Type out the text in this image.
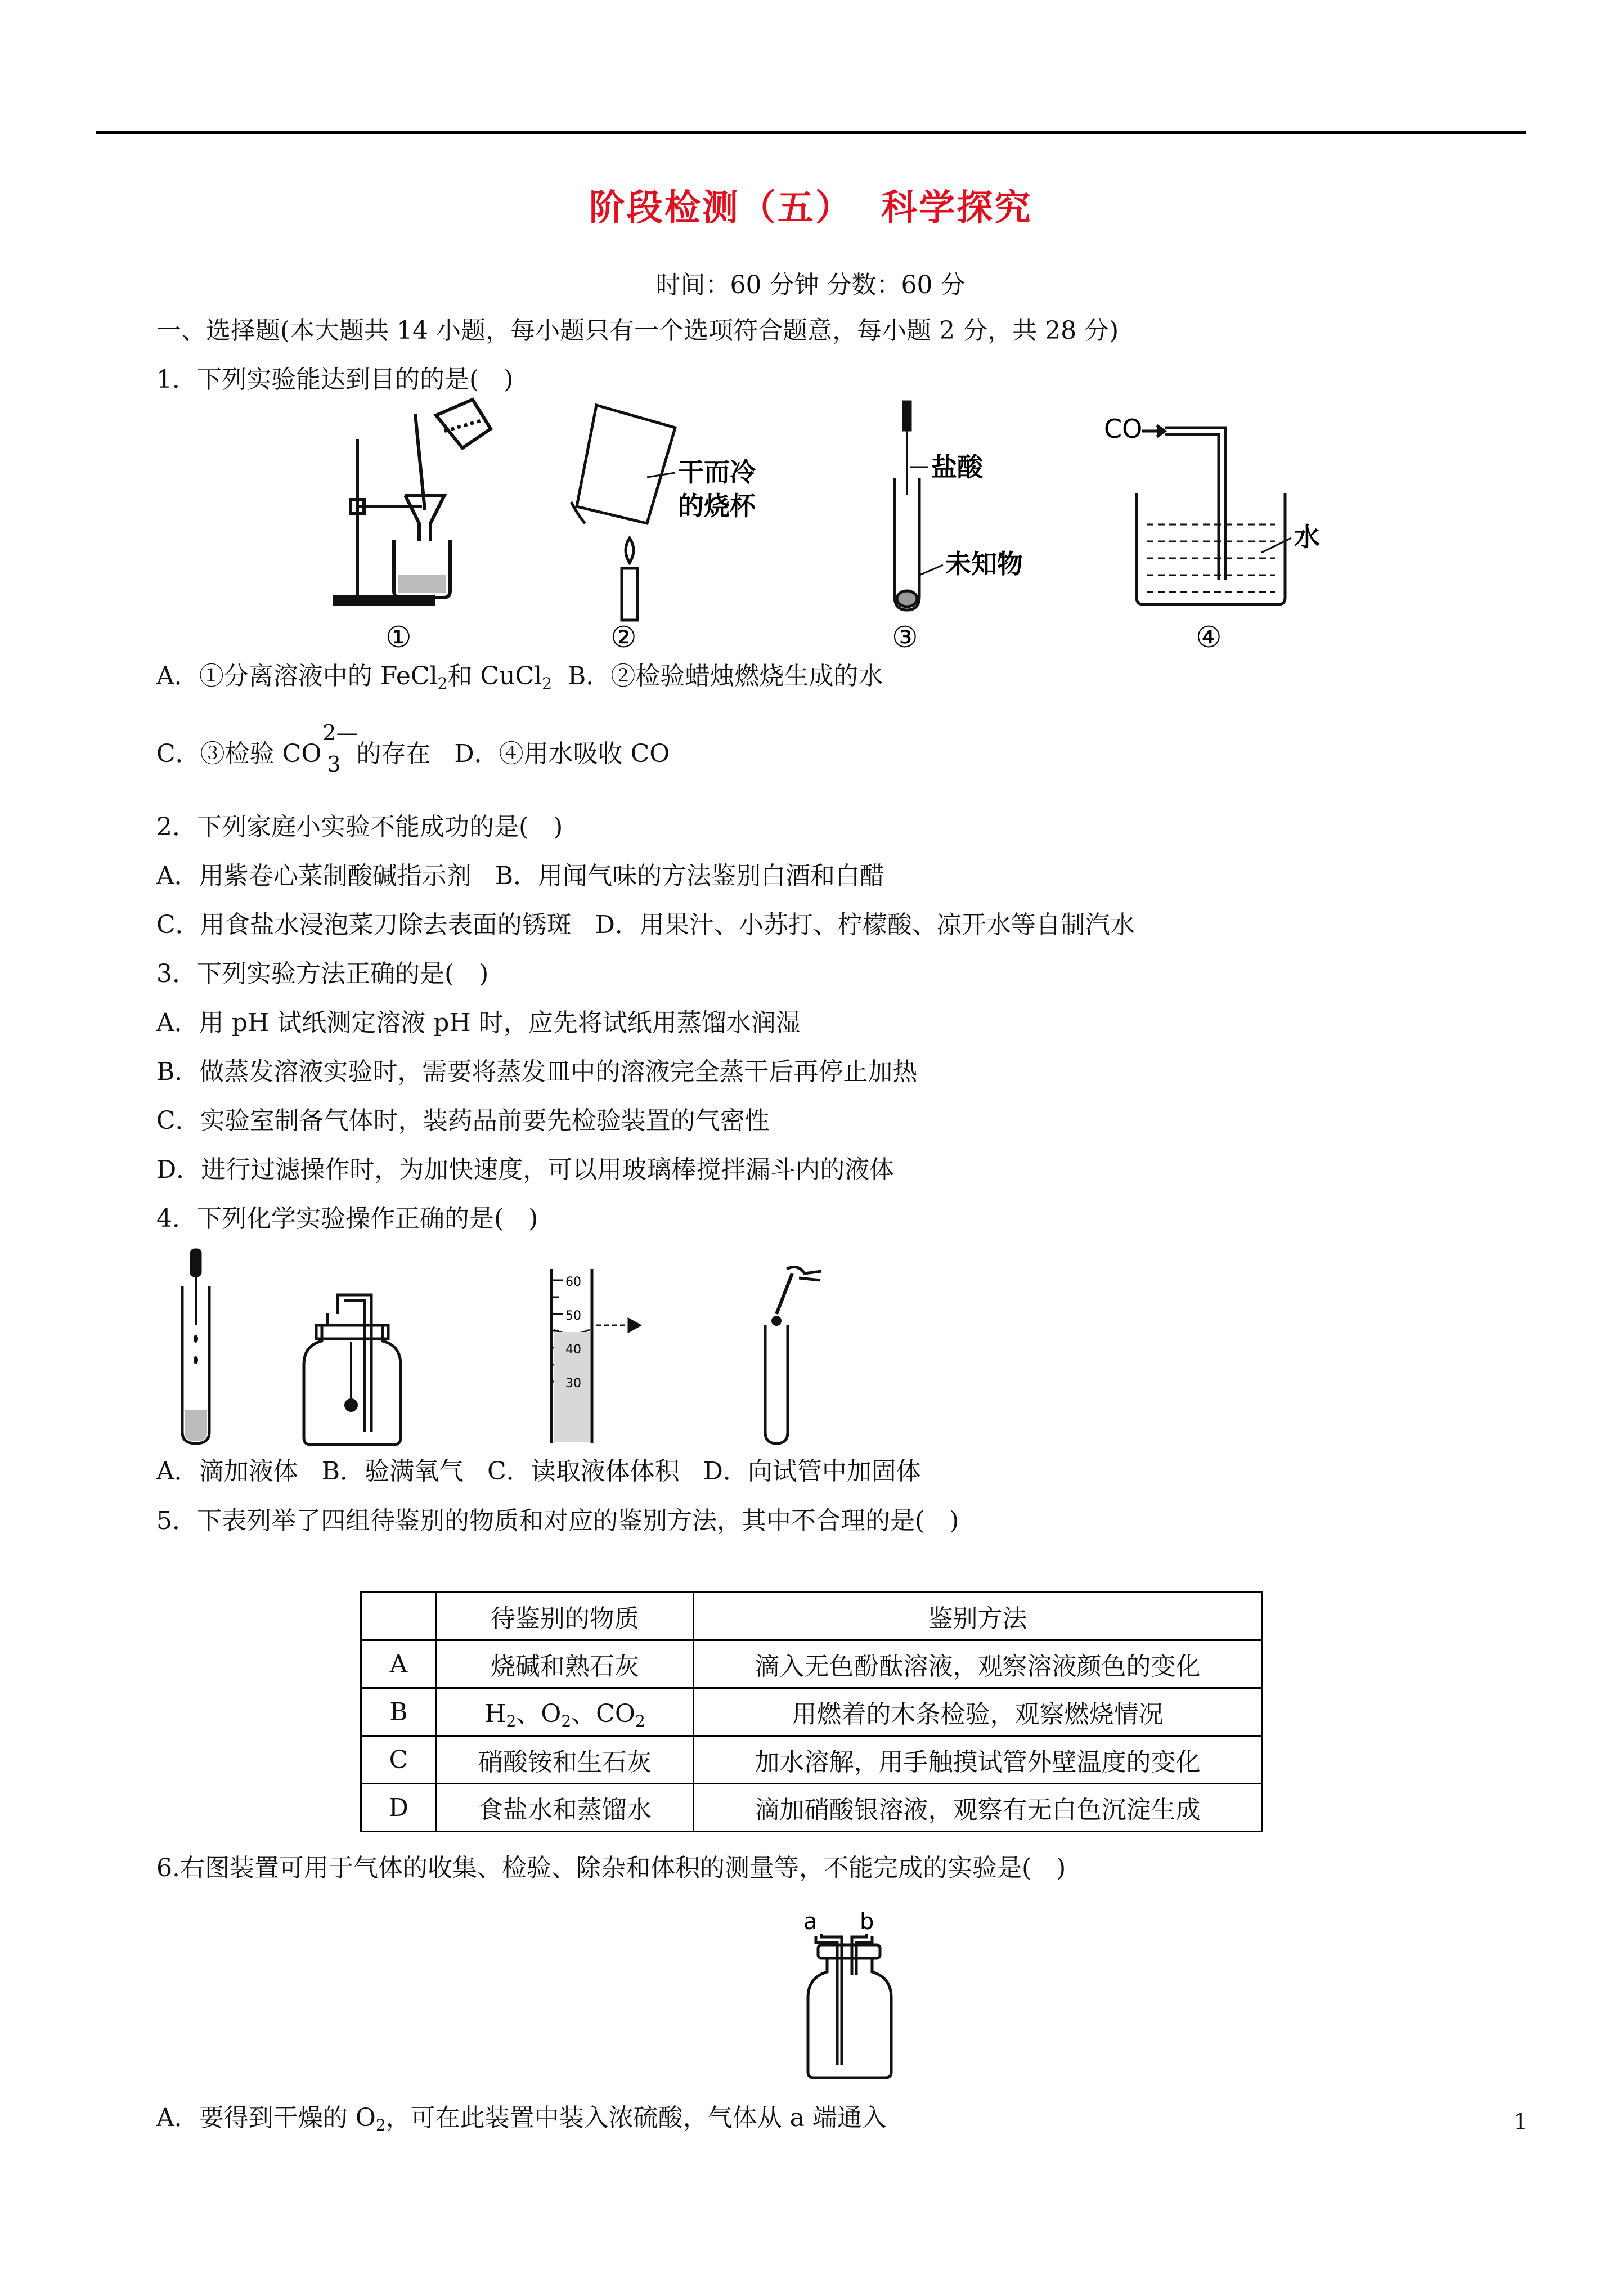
阶段检测（五）  科学探究
时间：60 分钟 分数：60 分
一、选择题(本大题共 14 小题，每小题只有一个选项符合题意，每小题 2 分，共 28 分)
1．下列实验能达到目的的是(　)
①
干而冷
的烧杯
②
盐酸
未知物
③
CO
水
④
A．①分离溶液中的 FeCl$_2$和 CuCl$_2$  B．②检验蜡烛燃烧生成的水
C．③检验 CO
2—
3 的存在   D．④用水吸收 CO
2．下列家庭小实验不能成功的是(　)
A．用紫卷心菜制酸碱指示剂   B．用闻气味的方法鉴别白酒和白醋
C．用食盐水浸泡菜刀除去表面的锈斑   D．用果汁、小苏打、柠檬酸、凉开水等自制汽水
3．下列实验方法正确的是(　)
A．用 pH 试纸测定溶液 pH 时，应先将试纸用蒸馏水润湿
B．做蒸发溶液实验时，需要将蒸发皿中的溶液完全蒸干后再停止加热
C．实验室制备气体时，装药品前要先检验装置的气密性
D．进行过滤操作时，为加快速度，可以用玻璃棒搅拌漏斗内的液体
4．下列化学实验操作正确的是(　)
60
50
40
30
A．滴加液体   B．验满氧气   C．读取液体体积   D．向试管中加固体
5．下表列举了四组待鉴别的物质和对应的鉴别方法，其中不合理的是(　)
	待鉴别的物质	鉴别方法
A	烧碱和熟石灰	滴入无色酚酞溶液，观察溶液颜色的变化
B	$H_2$、$O_2$、$CO_2$	用燃着的木条检验，观察燃烧情况
C	硝酸铵和生石灰	加水溶解，用手触摸试管外壁温度的变化
D	食盐水和蒸馏水	滴加硝酸银溶液，观察有无白色沉淀生成
6.右图装置可用于气体的收集、检验、除杂和体积的测量等，不能完成的实验是(　)
a b
A．要得到干燥的 $O_2$，可在此装置中装入浓硫酸，气体从 a 端通入	1
